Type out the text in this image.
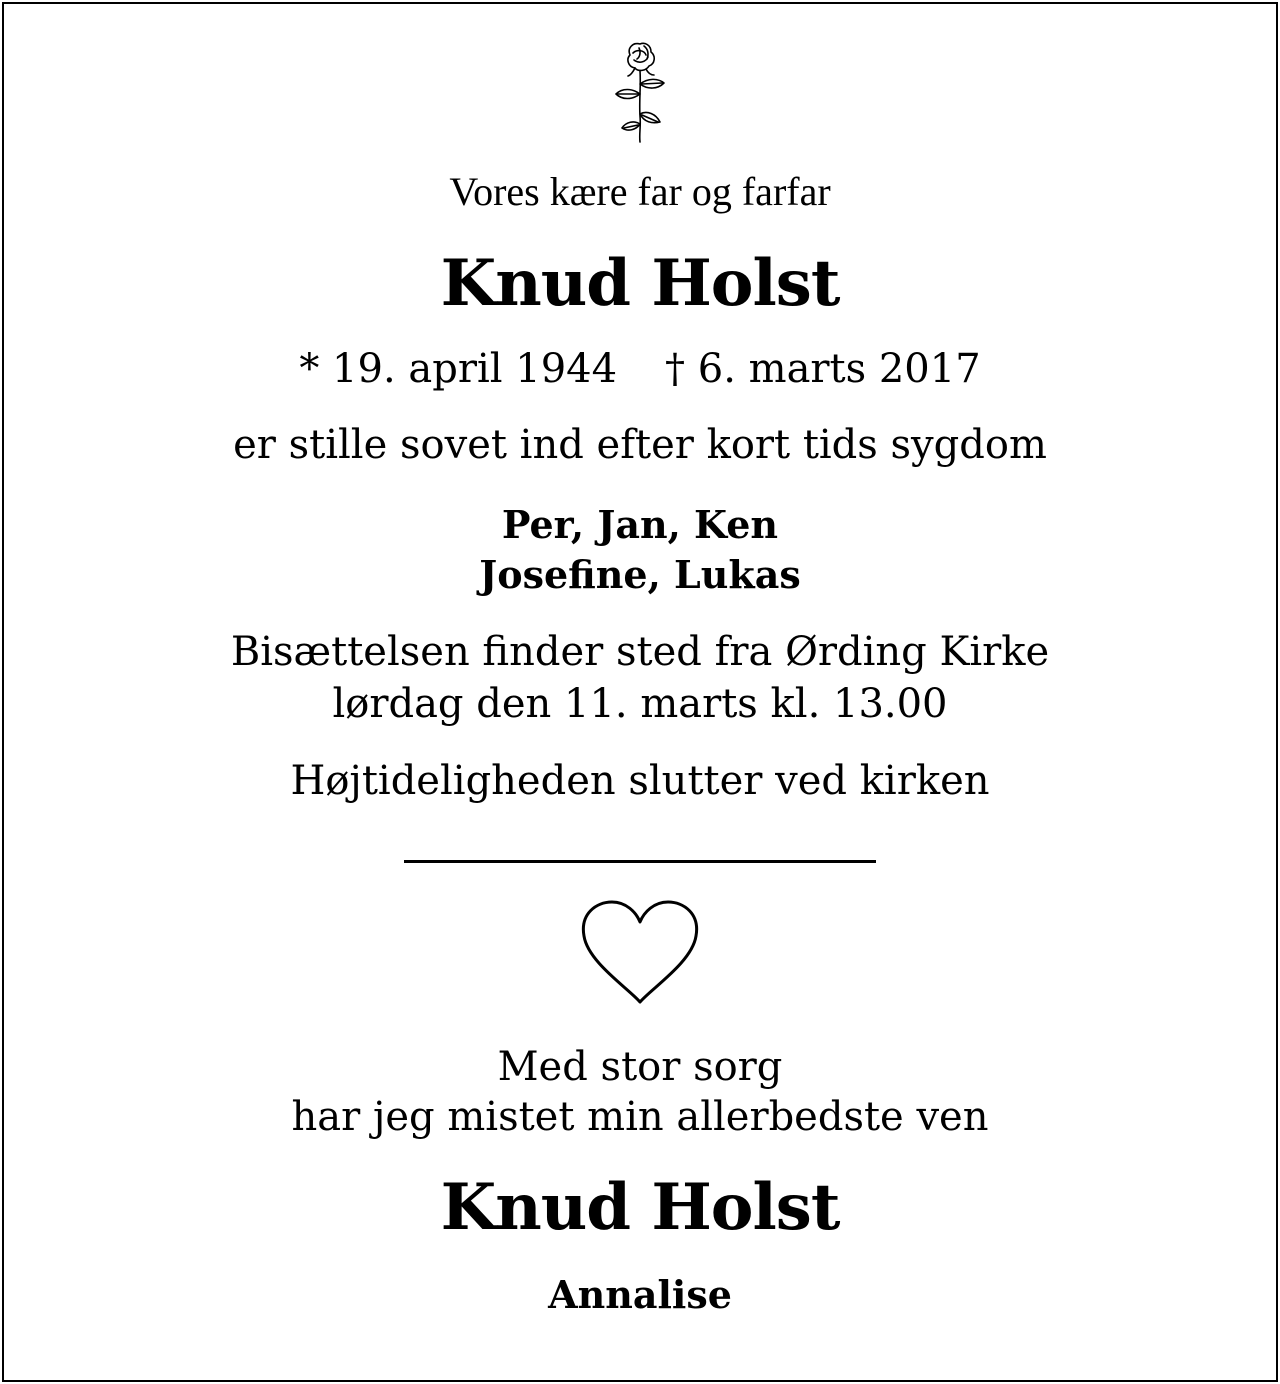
Vores kære far og farfar
Knud Holst
* 19. april 1944 † 6. marts 2017
er stille sovet ind efter kort tids sygdom
Per, Jan, Ken
Josefine, Lukas
Bisættelsen finder sted fra Ørding Kirke
lørdag den 11. marts kl. 13.00
Højtideligheden slutter ved kirken
Med stor sorg
har jeg mistet min allerbedste ven
Knud Holst
Annalise
